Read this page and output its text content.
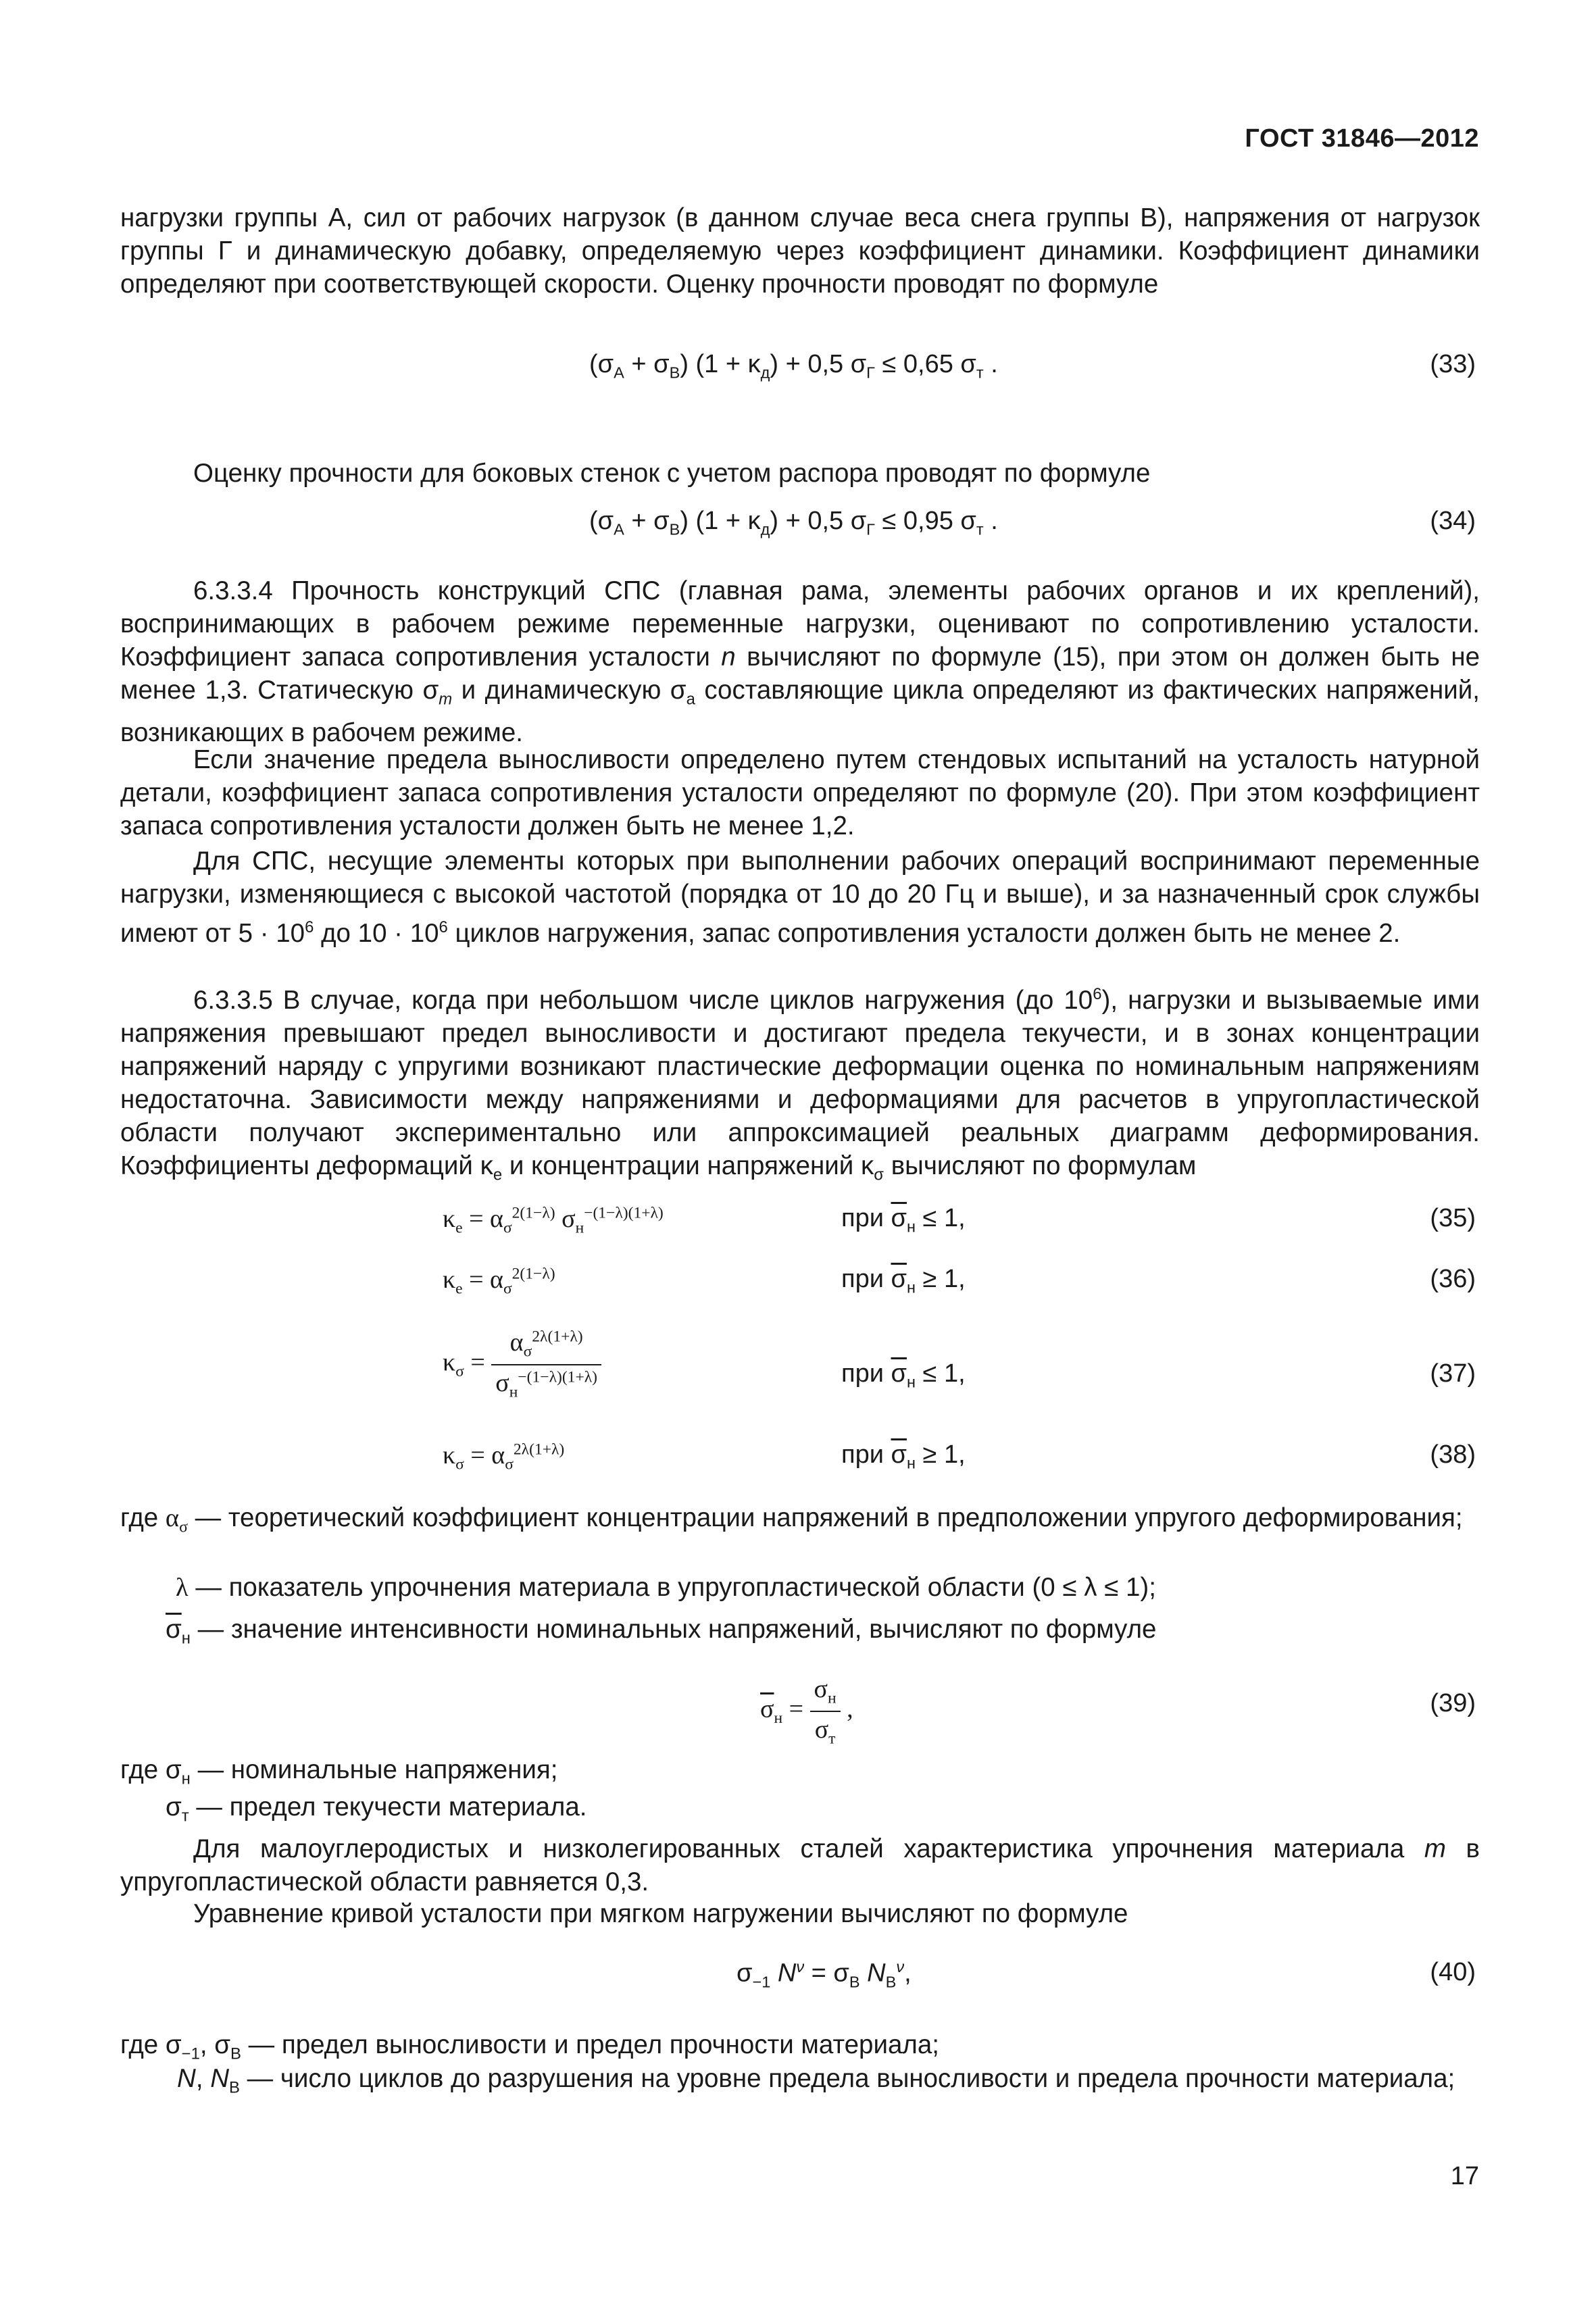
ГОСТ 31846—2012

нагрузки группы А, сил от рабочих нагрузок (в данном случае веса снега группы В), напряжения от нагрузок группы Г и динамическую добавку, определяемую через коэффициент динамики. Коэффициент динамики определяют при соответствующей скорости. Оценку прочности проводят по формуле

$(\sigma_А + \sigma_В) (1 + \kappa_д) + 0,5$ $\sigma_Г \le 0,65$ $\sigma_т$ .	(33)

Оценку прочности для боковых стенок с учетом распора проводят по формуле

$(\sigma_А + \sigma_В) (1 + \kappa_д) + 0,5$ $\sigma_Г \le 0,95$ $\sigma_т$ .	(34)

6.3.3.4 Прочность конструкций СПС (главная рама, элементы рабочих органов и их креплений), воспринимающих в рабочем режиме переменные нагрузки, оценивают по сопротивлению усталости. Коэффициент запаса сопротивления усталости n вычисляют по формуле (15), при этом он должен быть не менее 1,3. Статическую $\sigma_m$ и динамическую $\sigma_a$ составляющие цикла определяют из фактических напряжений, возникающих в рабочем режиме.

Если значение предела выносливости определено путем стендовых испытаний на усталость натурной детали, коэффициент запаса сопротивления усталости определяют по формуле (20). При этом коэффициент запаса сопротивления усталости должен быть не менее 1,2.

Для СПС, несущие элементы которых при выполнении рабочих операций воспринимают переменные нагрузки, изменяющиеся с высокой частотой (порядка от 10 до 20 Гц и выше), и за назначенный срок службы имеют от $5 \cdot 10^6$ до $10 \cdot 10^6$ циклов нагружения, запас сопротивления усталости должен быть не менее 2.

6.3.3.5 В случае, когда при небольшом числе циклов нагружения (до $10^6$), нагрузки и вызываемые ими напряжения превышают предел выносливости и достигают предела текучести, и в зонах концентрации напряжений наряду с упругими возникают пластические деформации оценка по номинальным напряжениям недостаточна. Зависимости между напряжениями и деформациями для расчетов в упругопластической области получают экспериментально или аппроксимацией реальных диаграмм деформирования. Коэффициенты деформаций $\kappa_e$ и концентрации напряжений $\kappa_\sigma$ вычисляют по формулам

$\kappa_e = \alpha_\sigma^{2(1-\lambda)}$ $\sigma_н^{-(1-\lambda)(1+\lambda)}$	при $\overline{\sigma}_н \le 1$,	(35)
$\kappa_e = \alpha_\sigma^{2(1-\lambda)}$	при $\overline{\sigma}_н \ge 1$,	(36)
$\kappa_\sigma = \frac{\alpha_\sigma^{2\lambda(1+\lambda)}}{\sigma_н^{-(1-\lambda)(1+\lambda)}}$	при $\overline{\sigma}_н \le 1$,	(37)
$\kappa_\sigma = \alpha_\sigma^{2\lambda(1+\lambda)}$	при $\overline{\sigma}_н \ge 1$,	(38)

где $\alpha_\sigma$ — теоретический коэффициент концентрации напряжений в предположении упругого деформирования;

λ — показатель упрочнения материала в упругопластической области (0 ≤ λ ≤ 1);
$\overline{\sigma}_н$ — значение интенсивности номинальных напряжений, вычисляют по формуле
$\overline{\sigma}_н = \frac{\sigma_н}{\sigma_т}$ ,	(39)
где $\sigma_н$ — номинальные напряжения;
$\sigma_т$ — предел текучести материала.

Для малоуглеродистых и низколегированных сталей характеристика упрочнения материала m в упругопластической области равняется 0,3.

Уравнение кривой усталости при мягком нагружении вычисляют по формуле

$\sigma_{-1}$ $N^\nu = \sigma_В$ $N_В^\nu$,	(40)
где $\sigma_{-1}$, $\sigma_В$ — предел выносливости и предел прочности материала;
N, $N_В$ — число циклов до разрушения на уровне предела выносливости и предела прочности материала;
17
